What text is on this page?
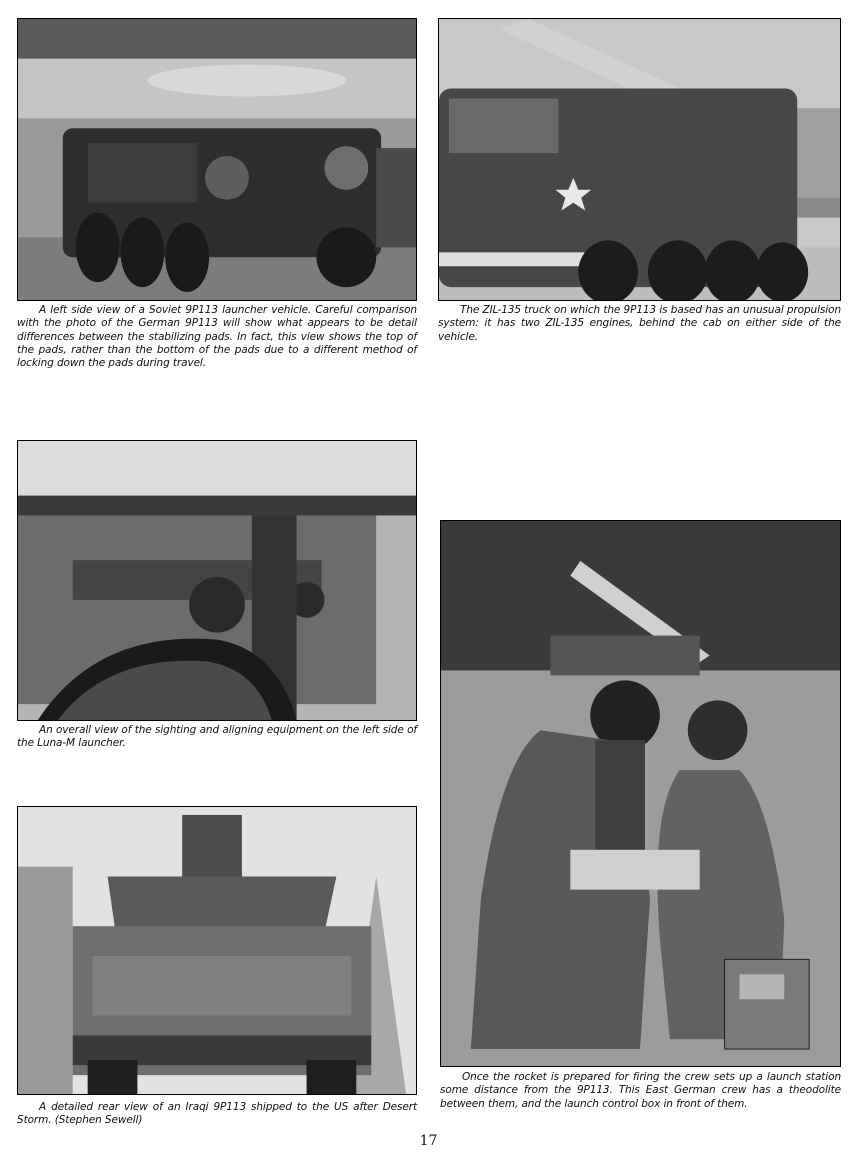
A left side view of a Soviet 9P113 launcher vehicle. Careful comparison with the photo of the German 9P113 will show what appears to be detail differences between the stabilizing pads. In fact, this view shows the top of the pads, rather than the bottom of the pads due to a different method of locking down the pads during travel.
The ZIL-135 truck on which the 9P113 is based has an unusual propulsion system: it has two ZIL-135 engines, behind the cab on either side of the vehicle.
An overall view of the sighting and aligning equipment on the left side of the Luna-M launcher.
Once the rocket is prepared for firing the crew sets up a launch station some distance from the 9P113. This East German crew has a theodolite between them, and the launch control box in front of them.
A detailed rear view of an Iraqi 9P113 shipped to the US after Desert Storm. (Stephen Sewell)
17
